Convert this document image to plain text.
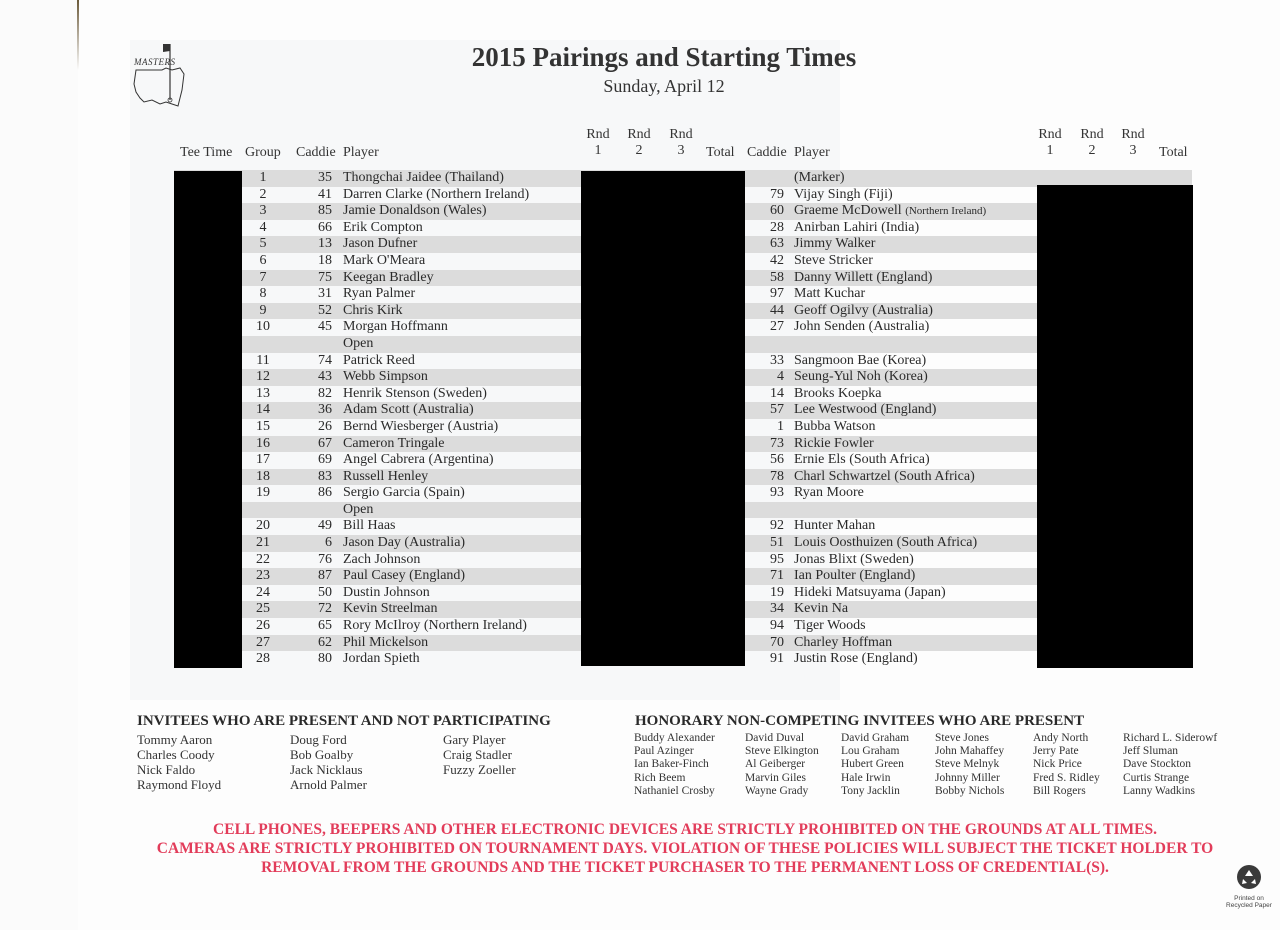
MASTERS	2015 Pairings and Starting Times
Sunday, April 12
Tee Time Group Caddie Player
Rnd
1
Rnd
2
Rnd
3	Total Caddie Player
Rnd
1
Rnd
2
Rnd
3	Total
1	35 Thongchai Jaidee (Thailand)	(Marker)
2	41 Darren Clarke (Northern Ireland)	79 Vijay Singh (Fiji)
3	85 Jamie Donaldson (Wales)	60 Graeme McDowell (Northern Ireland)
4	66 Erik Compton	28 Anirban Lahiri (India)
5	13 Jason Dufner	63 Jimmy Walker
6	18 Mark O'Meara	42 Steve Stricker
7	75 Keegan Bradley	58 Danny Willett (England)
8	31 Ryan Palmer	97 Matt Kuchar
9	52 Chris Kirk	44 Geoff Ogilvy (Australia)
10	45 Morgan Hoffmann	27 John Senden (Australia)
Open
11	74 Patrick Reed	33 Sangmoon Bae (Korea)
12	43 Webb Simpson	4 Seung-Yul Noh (Korea)
13	82 Henrik Stenson (Sweden)	14 Brooks Koepka
14	36 Adam Scott (Australia)	57 Lee Westwood (England)
15	26 Bernd Wiesberger (Austria)	1 Bubba Watson
16	67 Cameron Tringale	73 Rickie Fowler
17	69 Angel Cabrera (Argentina)	56 Ernie Els (South Africa)
18	83 Russell Henley	78 Charl Schwartzel (South Africa)
19	86 Sergio Garcia (Spain)	93 Ryan Moore
Open
20	49 Bill Haas	92 Hunter Mahan
21	6 Jason Day (Australia)	51 Louis Oosthuizen (South Africa)
22	76 Zach Johnson	95 Jonas Blixt (Sweden)
23	87 Paul Casey (England)	71 Ian Poulter (England)
24	50 Dustin Johnson	19 Hideki Matsuyama (Japan)
25	72 Kevin Streelman	34 Kevin Na
26	65 Rory McIlroy (Northern Ireland)	94 Tiger Woods
27	62 Phil Mickelson	70 Charley Hoffman
28	80 Jordan Spieth	91 Justin Rose (England)
INVITEES WHO ARE PRESENT AND NOT PARTICIPATING
Tommy Aaron
Charles Coody
Nick Faldo
Raymond Floyd
Doug Ford
Bob Goalby
Jack Nicklaus
Arnold Palmer
Gary Player
Craig Stadler
Fuzzy Zoeller
HONORARY NON-COMPETING INVITEES WHO ARE PRESENT
Buddy Alexander
Paul Azinger
Ian Baker-Finch
Rich Beem
Nathaniel Crosby
David Duval
Steve Elkington
Al Geiberger
Marvin Giles
Wayne Grady
David Graham
Lou Graham
Hubert Green
Hale Irwin
Tony Jacklin
Steve Jones
John Mahaffey
Steve Melnyk
Johnny Miller
Bobby Nichols
Andy North
Jerry Pate
Nick Price
Fred S. Ridley
Bill Rogers
Richard L. Siderowf
Jeff Sluman
Dave Stockton
Curtis Strange
Lanny Wadkins
CELL PHONES, BEEPERS AND OTHER ELECTRONIC DEVICES ARE STRICTLY PROHIBITED ON THE GROUNDS AT ALL TIMES.
CAMERAS ARE STRICTLY PROHIBITED ON TOURNAMENT DAYS. VIOLATION OF THESE POLICIES WILL SUBJECT THE TICKET HOLDER TO
REMOVAL FROM THE GROUNDS AND THE TICKET PURCHASER TO THE PERMANENT LOSS OF CREDENTIAL(S).
Printed on
Recycled Paper
